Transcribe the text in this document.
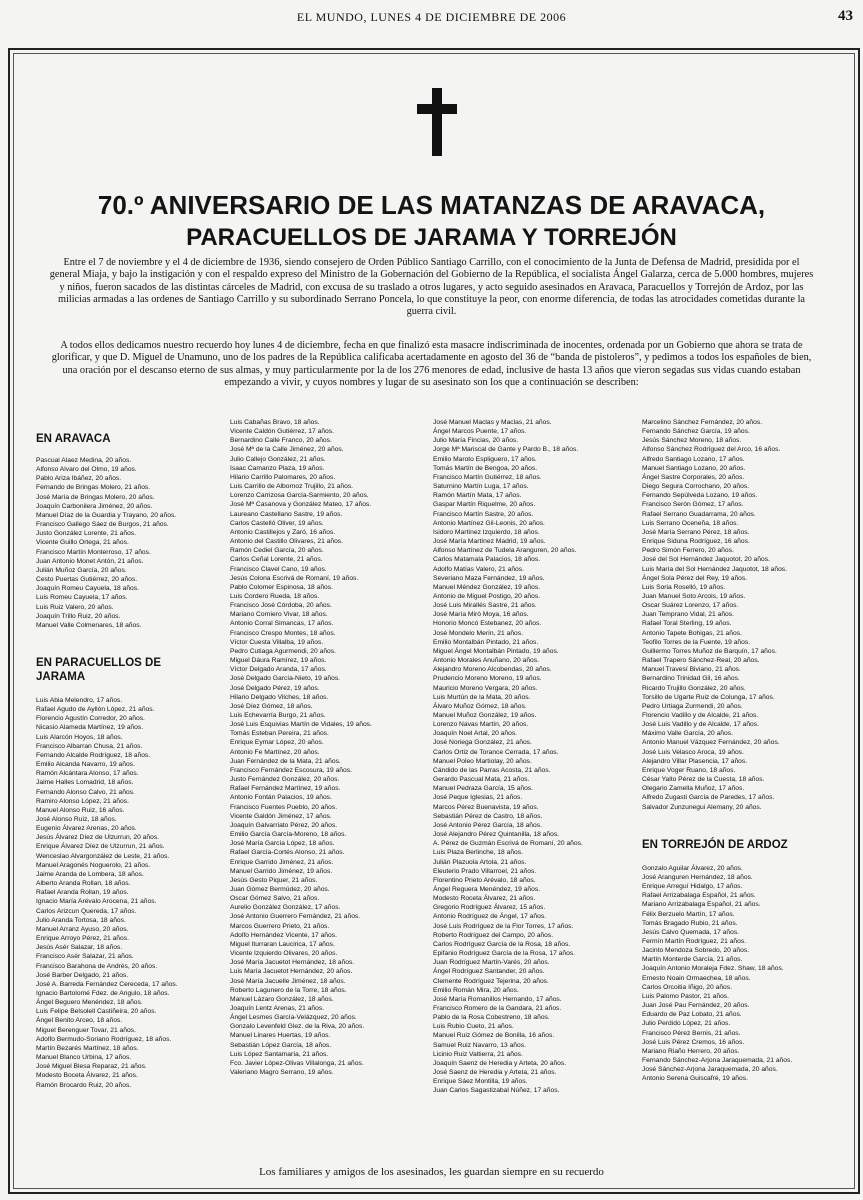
EL MUNDO, LUNES 4 DE DICIEMBRE DE 2006	43
70.º ANIVERSARIO DE LAS MATANZAS DE ARAVACA,
PARACUELLOS DE JARAMA Y TORREJÓN

Entre el 7 de noviembre y el 4 de diciembre de 1936, siendo consejero de Orden Público Santiago Carrillo, con el conocimiento de la Junta de Defensa de Madrid, presidida por el general Miaja, y bajo la instigación y con el respaldo expreso del Ministro de la Gobernación del Gobierno de la República, el socialista Ángel Galarza, cerca de 5.000 hombres, mujeres y niños, fueron sacados de las distintas cárceles de Madrid, con excusa de su traslado a otros lugares, y acto seguido asesinados en Aravaca, Paracuellos y Torrejón de Ardoz, por las milicias armadas a las ordenes de Santiago Carrillo y su subordinado Serrano Poncela, lo que constituye la peor, con enorme diferencia, de todas las atrocidades cometidas durante la guerra civil.

A todos ellos dedicamos nuestro recuerdo hoy lunes 4 de diciembre, fecha en que finalizó esta masacre indiscriminada de inocentes, ordenada por un Gobierno que ahora se trata de glorificar, y que D. Miguel de Unamuno, uno de los padres de la República calificaba acertadamente en agosto del 36 de “banda de pistoleros”, y pedimos a todos los españoles de bien, una oración por el descanso eterno de sus almas, y muy particularmente por la de los 276 menores de edad, inclusive de hasta 13 años que vieron segadas sus vidas cuando estaban empezando a vivir, y cuyos nombres y lugar de su asesinato son los que a continuación se describen:

EN ARAVACA
Pascual Alaez Medina, 20 años.
Alfonso Alvaro del Olmo, 19 años.
Pablo Ariza Ibáñez, 20 años.
Fernando de Bringas Molero, 21 años.
José María de Bringas Molero, 20 años.
Joaquín Carbonilera Jiménez, 20 años.
Manuel Díaz de la Guardia y Trayano, 20 años.
Francisco Gallego Sáez de Burgos, 21 años.
Justo González Lorente, 21 años.
Vicente Guillo Ortega, 21 años.
Francisco Martín Monterroso, 17 años.
Juan Antonio Monet Antón, 21 años.
Julián Muñoz García, 20 años.
Cesto Puertas Gutiérrez, 20 años.
Joaquín Romeu Cayuela, 18 años.
Luis Romeu Cayuela, 17 años.
Luis Ruiz Valero, 20 años.
Joaquín Trillo Ruiz, 20 años.
Manuel Valle Colmenares, 18 años.
EN PARACUELLOS DE
JARAMA
Luis Abia Melendro, 17 años.
Rafael Agudo de Ayllón López, 21 años.
Florencio Agustín Corredor, 20 años.
Nicasio Alameda Martínez, 19 años.
Luis Alarcón Hoyos, 18 años.
Francisco Albarran Chusa, 21 años.
Fernando Alcalde Rodríguez, 18 años.
Emilio Alcanda Navarro, 19 años.
Ramón Alcántara Alonso, 17 años.
Jaime Halles Lomadrid, 18 años.
Fernando Alonso Calvo, 21 años.
Ramiro Alonso López, 21 años.
Manuel Alonso Ruiz, 16 años.
José Alonso Ruiz, 18 años.
Eugenio Álvarez Arenas, 20 años.
Jesús Álvarez Díez de Ulzurrun, 20 años.
Enrique Álvarez Díez de Ulzurrun, 21 años.
Wenceslao Alvargonzález de Leste, 21 años.
Manuel Aragonés Noguerolo, 21 años.
Jaime Aranda de Lombera, 18 años.
Alberto Aranda Rollan, 18 años.
Rafael Aranda Rollan, 19 años.
Ignacio María Arévalo Arocena, 21 años.
Carlos Arizcun Quereda, 17 años.
Julio Aranda Tortosa, 18 años.
Manuel Arranz Ayuso, 20 años.
Enrique Arroyo Pérez, 21 años.
Jesús Asér Salazar, 18 años.
Francisco Asér Salazar, 21 años.
Francisco Barahona de Andrés, 20 años.
José Barber Delgado, 21 años.
José A. Barreda Fernández Cereceda, 17 años.
Ignacio Bartolomé Fdez. de Angulo, 18 años.
Ángel Beguero Menéndez, 18 años.
Luis Felipe Belsolell Castiñeira, 20 años.
Ángel Benito Arceo, 18 años.
Miguel Berenguer Tovar, 21 años.
Adolfo Bermudo-Soriano Rodríguez, 18 años.
Martín Bezarés Martínez, 18 años.
Manuel Blanco Urbina, 17 años.
José Miguel Blesa Reparaz, 21 años.
Modesto Boceta Álvarez, 21 años.
Ramón Brocardo Ruiz, 20 años.
Luis Cabañas Bravo, 18 años.
Vicente Caldón Gutiérrez, 17 años.
Bernardino Calle Franco, 20 años.
José Mª de la Calle Jiménez, 20 años.
Julio Callejo González, 21 años.
Isaac Camanzo Plaza, 19 años.
Hilario Carrillo Palomares, 20 años.
Luis Carrillo de Albornoz Trujillo, 21 años.
Lorenzo Carrizosa García-Sarmiento, 20 años.
José Mª Casanova y González Mateo, 17 años.
Laureano Castellano Sastre, 19 años.
Carlos Castelló Oliver, 19 años.
Antonio Castillejos y Zaró, 16 años.
Antonio del Castillo Olivares, 21 años.
Ramón Cediel García, 20 años.
Carlos Ceñal Lorente, 21 años.
Francisco Clavel Cano, 19 años.
Jesús Colona Escrivá de Romaní, 19 años.
Pablo Colomer Espinosa, 18 años.
Luis Cordero Rueda, 18 años.
Francisco José Córdoba, 20 años.
Mariano Corniero Vivar, 18 años.
Antonio Corral Simancas, 17 años.
Francisco Crespo Montes, 18 años.
Víctor Cuesta Villalba, 19 años.
Pedro Cutiaga Agurmendi, 20 años.
Miguel Dáura Ramírez, 19 años.
Víctor Delgado Aranda, 17 años.
José Delgado García-Nieto, 19 años.
José Delgado Pérez, 19 años.
Hilario Delgado Vilches, 18 años.
José Díez Gómez, 18 años.
Luis Echevarría Burgo, 21 años.
José Luis Esquivias Martín de Vidales, 19 años.
Tomás Esteban Pereira, 21 años.
Enrique Eymar López, 20 años.
Antonio Fe Martínez, 20 años.
Juan Fernández de la Mata, 21 años.
Francisco Fernández Escosura, 19 años.
Justo Fernández González, 20 años.
Rafael Fernández Martínez, 19 años.
Antonio Fontán Palacios, 19 años.
Francisco Fuentes Pueblo, 20 años.
Vicente Galdón Jiménez, 17 años.
Joaquín Galvarriato Pérez, 20 años.
Emilio García García-Moreno, 18 años.
José María García López, 18 años.
Rafael García-Cortés Alonso, 21 años.
Enrique Garrido Jiménez, 21 años.
Manuel Garrido Jiménez, 19 años.
Jesús Gesto Piquer, 21 años.
Juan Gómez Bermúdez, 20 años.
Oscar Gómez Salvo, 21 años.
Aurelio González González, 17 años.
José Antonio Guerrero Fernández, 21 años.
Marcos Guerrero Prieto, 21 años.
Adolfo Hernández Vicente, 17 años.
Miguel Iturraran Laucirica, 17 años.
Vicente Izquierdo Olivares, 20 años.
José María Jacuetot Hernández, 18 años.
Luis María Jacuetot Hernández, 20 años.
José María Jacuelle Jiménez, 18 años.
Roberto Lagunero de la Torre, 18 años.
Manuel Lázaro González, 18 años.
Joaquín Lentz Arenas, 21 años.
Ángel Lesmes García-Velázquez, 20 años.
Gonzalo Levenfeld Glez. de la Riva, 20 años.
Manuel Linares Huertas, 19 años.
Sebastián López García, 18 años.
Luis López Santamaría, 21 años.
Fco. Javier López-Olivas Villalonga, 21 años.
Valeriano Magro Serrano, 19 años.
José Manuel Maclas y Maclas, 21 años.
Ángel Marcos Puente, 17 años.
Julio María Fincias, 20 años.
Jorge Mª Mariscal de Gante y Pardo B., 18 años.
Emilio Maroto Espliguero, 17 años.
Tomás Martín de Bengoa, 20 años.
Francisco Martín Gutiérrez, 18 años.
Saturnino Martín Luga, 17 años.
Ramón Martín Mata, 17 años.
Gaspar Martín Riquelme, 20 años.
Francisco Martín Sastre, 20 años.
Antonio Martínez Gil-Leonis, 20 años.
Isidoro Martínez Izquierdo, 18 años.
José María Martínez Madrid, 19 años.
Alfonso Martínez de Tudela Aranguren, 20 años.
Carlos Matamala Palacios, 18 años.
Adolfo Matías Valero, 21 años.
Severiano Maza Fernández, 19 años.
Manuel Méndez González, 19 años.
Antonio de Miguel Postigo, 20 años.
José Luis Mirallés Sastre, 21 años.
José María Miró Moya, 16 años.
Honorio Moncó Estebanez, 20 años.
José Mondelo Merín, 21 años.
Emilio Montalbán Pintado, 21 años.
Miguel Ángel Montalbán Pintado, 19 años.
Antonio Morales Anuñano, 20 años.
Alejandro Moreno Alcobendas, 20 años.
Prudencio Moreno Moreno, 19 años.
Mauricio Moreno Vergara, 20 años.
Luis Murtún de la Mata, 20 años.
Álvaro Muñoz Gómez, 18 años.
Manuel Muñoz González, 19 años.
Lorenzo Navas Martín, 20 años.
Joaquín Noel Artal, 20 años.
José Noriega González, 21 años.
Carlos Ortiz de Torance Cerrada, 17 años.
Manuel Poleo Martiolay, 20 años.
Cándido de las Parras Acosta, 21 años.
Gerardo Pascual Mata, 21 años.
Manuel Pedraza García, 15 años.
José Peque Iglesias, 21 años.
Marcos Pérez Buenavista, 19 años.
Sebastián Pérez de Castro, 18 años.
José Antonio Pérez García, 18 años.
José Alejandro Pérez Quintanilla, 18 años.
A. Pérez de Guzmán Escrivá de Romaní, 20 años.
Luis Plaza Berlinche, 18 años.
Julián Plazuola Artola, 21 años.
Eleuterio Prado Villarroel, 21 años.
Florentino Prieto Arévalo, 18 años.
Ángel Reguera Menéndez, 19 años.
Modesto Roceta Álvarez, 21 años.
Gregorio Rodríguez Álvarez, 15 años.
Antonio Rodríguez de Ángel, 17 años.
José Luis Rodríguez de la Flor Torres, 17 años.
Roberto Rodríguez del Campo, 20 años.
Carlos Rodríguez García de la Rosa, 18 años.
Epifanio Rodríguez García de la Rosa, 17 años.
Juan Rodríguez Martín-Varés, 20 años.
Ángel Rodríguez Santander, 20 años.
Clemente Rodríguez Tejerina, 20 años.
Emilio Román Mira, 20 años.
José María Romanillos Hernando, 17 años.
Francisco Romero de la Gandara, 21 años.
Pablo de la Rosa Cobestreno, 18 años.
Luis Rubio Cueto, 21 años.
Manuel Ruiz Gómez de Bonilla, 16 años.
Samuel Ruiz Navarro, 13 años.
Licinio Ruiz Valtierra, 21 años.
Joaquín Saenz de Heredia y Arteta, 20 años.
José Saenz de Heredia y Arteta, 21 años.
Enrique Sáez Montilla, 19 años.
Juan Carlos Sagastizabal Núñez, 17 años.
Marcelino Sánchez Fernández, 20 años.
Fernando Sánchez García, 19 años.
Jesús Sánchez Moreno, 18 años.
Alfonso Sánchez Rodríguez del Arco, 16 años.
Alfredo Santiago Lozano, 17 años.
Manuel Santiago Lozano, 20 años.
Ángel Sastre Corporales, 20 años.
Diego Segura Corrochano, 20 años.
Fernando Sepúlveda Lozano, 19 años.
Francisco Serón Gómez, 17 años.
Rafael Serrano Guadarrama, 20 años.
Luis Serrano Oceneña, 18 años.
José María Serrano Pérez, 18 años.
Enrique Siduna Rodríguez, 16 años.
Pedro Simón Ferrero, 20 años.
José del Sol Hernández Jaquotot, 20 años.
Luis María del Sol Hernández Jaquotot, 18 años.
Ángel Sola Pérez del Rey, 19 años.
Luis Soria Roselló, 19 años.
Juan Manuel Soto Arcois, 19 años.
Oscar Suárez Lorenzo, 17 años.
Juan Temprano Vidal, 21 años.
Rafael Toral Sterling, 19 años.
Antonio Tapete Bohigas, 21 años.
Teofilo Torres de la Fuente, 19 años.
Guillermo Torres Muñoz de Barquín, 17 años.
Rafael Trapero Sánchez-Real, 20 años.
Manuel Travesí Biviano, 21 años.
Bernardino Trinidad Gil, 16 años.
Ricardo Trujillo González, 20 años.
Torsillo de Ugarte Ruiz de Colunga, 17 años.
Pedro Urtiaga Zurmendi, 20 años.
Florencio Vadillo y de Alcalde, 21 años.
José Luis Vadillo y de Alcalde, 17 años.
Máximo Valle García, 20 años.
Antonio Manuel Vázquez Fernández, 20 años.
José Luis Velasco Aroca, 19 años.
Alejandro Villar Plasencia, 17 años.
Enrique Voger Ruano, 18 años.
César Yalto Pérez de la Cuesta, 18 años.
Olegario Zamella Muñoz, 17 años.
Alfredo Zugasti García de Paredes, 17 años.
Salvador Zunzunegui Alemany, 20 años.
EN TORREJÓN DE ARDOZ
Gonzalo Aguilar Álvarez, 20 años.
José Aranguren Hernández, 18 años.
Enrique Arreguí Hidalgo, 17 años.
Rafael Arrizabalaga Español, 21 años.
Mariano Arrizabalaga Español, 21 años.
Félix Berzuelo Martín, 17 años.
Tomás Bragado Rubio, 21 años.
Jesús Calvo Quemada, 17 años.
Fermín Martín Rodríguez, 21 años.
Jacinto Mendoza Sobredo, 20 años.
Martín Monterde García, 21 años.
Joaquín Antonio Moraleja Fdez. Shaw, 18 años.
Ernesto Noain Ormaechea, 18 años.
Carlos Orcoitia Iñigo, 20 años.
Luis Palomo Pastor, 21 años.
Juan José Pau Fernández, 20 años.
Eduardo de Paz Lobato, 21 años.
Julio Perdido López, 21 años.
Francisco Pérez Bernis, 21 años.
José Luis Pérez Cremos, 16 años.
Mariano Riaño Herrero, 20 años.
Fernando Sánchez-Arjona Jaraquemada, 21 años.
José Sánchez-Arjona Jaraquemada, 20 años.
Antonio Serena Guiscafré, 19 años.
Los familiares y amigos de los asesinados, les guardan siempre en su recuerdo
